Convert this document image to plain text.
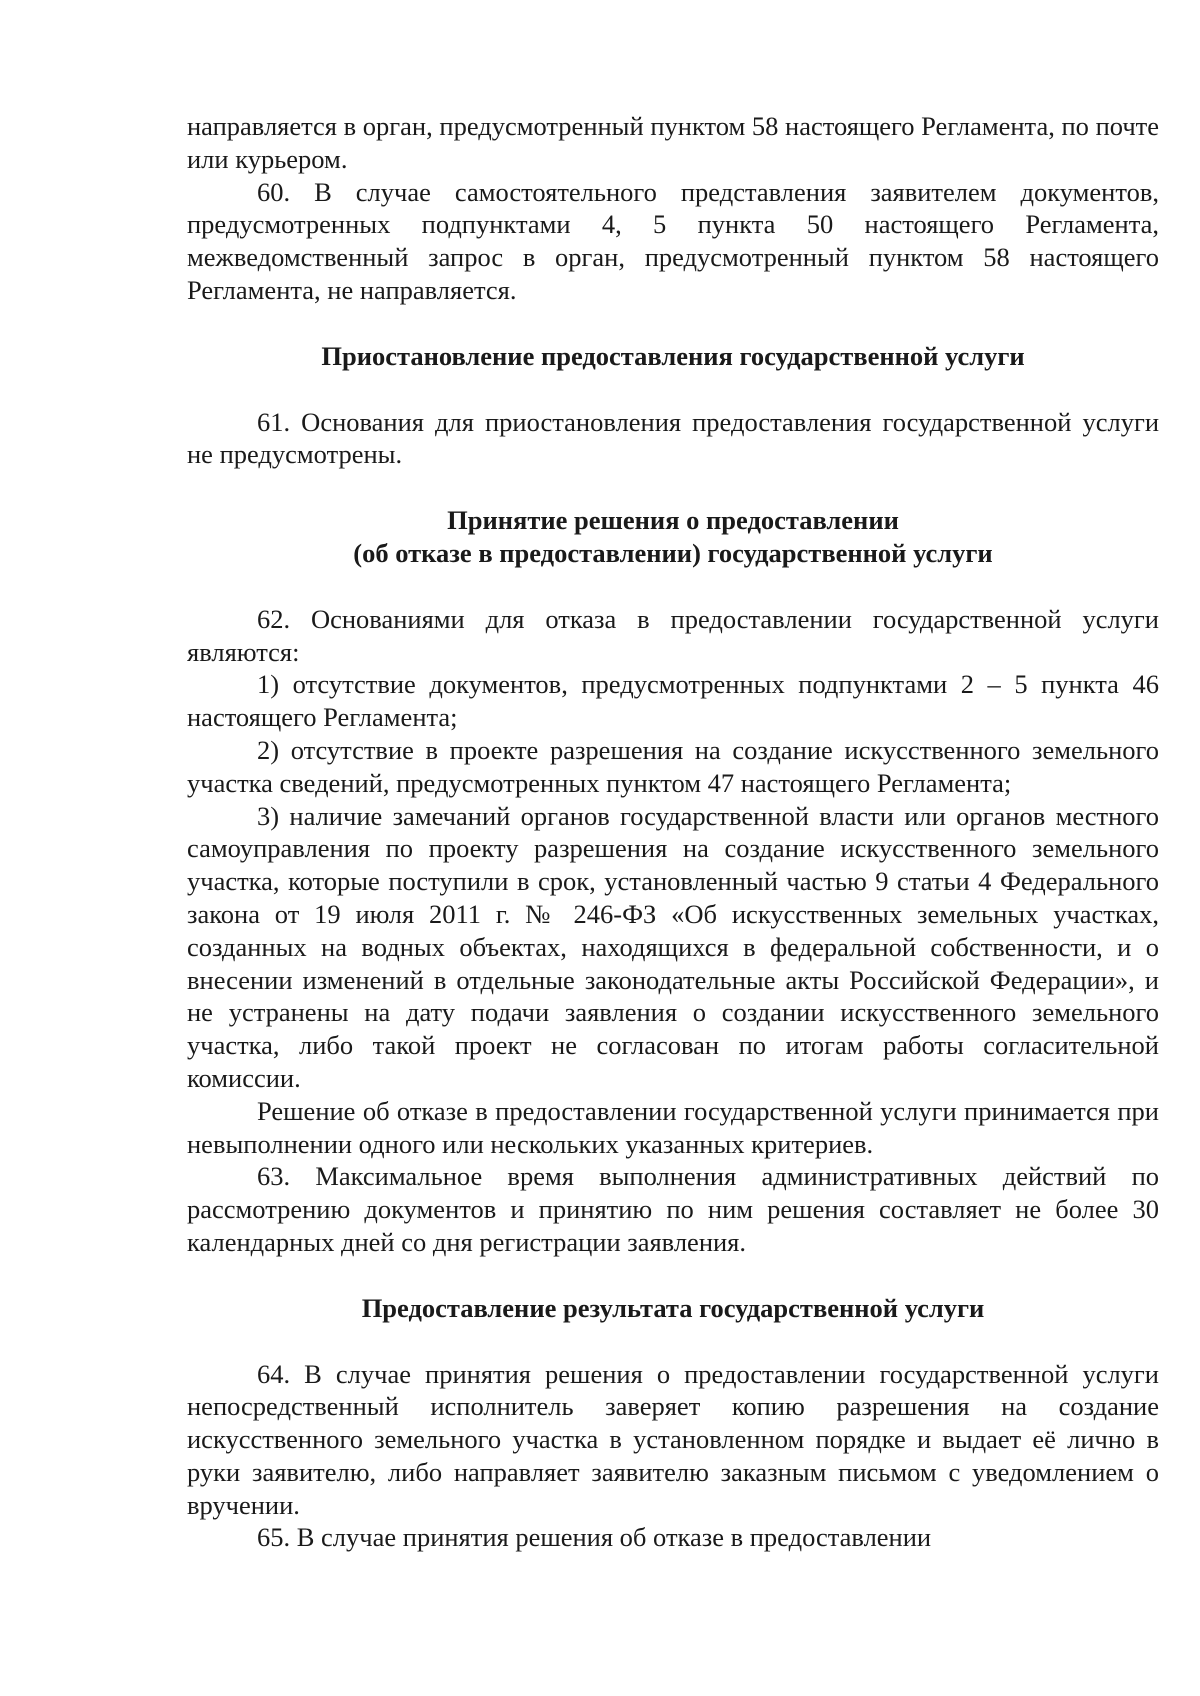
направляется в орган, предусмотренный пунктом 58 настоящего Регламента, по почте или курьером.

60. В случае самостоятельного представления заявителем документов, предусмотренных подпунктами 4, 5 пункта 50 настоящего Регламента, межведомственный запрос в орган, предусмотренный пунктом 58 настоящего Регламента, не направляется.

Приостановление предоставления государственной услуги

61. Основания для приостановления предоставления государственной услуги не предусмотрены.

Принятие решения о предоставлении

(об отказе в предоставлении) государственной услуги

62. Основаниями для отказа в предоставлении государственной услуги являются:

1) отсутствие документов, предусмотренных подпунктами 2 – 5 пункта 46 настоящего Регламента;

2) отсутствие в проекте разрешения на создание искусственного земельного участка сведений, предусмотренных пунктом 47 настоящего Регламента;

3) наличие замечаний органов государственной власти или органов местного самоуправления по проекту разрешения на создание искусственного земельного участка, которые поступили в срок, установленный частью 9 статьи 4 Федерального закона от 19 июля 2011 г. № 246-ФЗ «Об искусственных земельных участках, созданных на водных объектах, находящихся в федеральной собственности, и о внесении изменений в отдельные законодательные акты Российской Федерации», и не устранены на дату подачи заявления о создании искусственного земельного участка, либо такой проект не согласован по итогам работы согласительной комиссии.

Решение об отказе в предоставлении государственной услуги принимается при невыполнении одного или нескольких указанных критериев.

63. Максимальное время выполнения административных действий по рассмотрению документов и принятию по ним решения составляет не более 30 календарных дней со дня регистрации заявления.

Предоставление результата государственной услуги

64. В случае принятия решения о предоставлении государственной услуги непосредственный исполнитель заверяет копию разрешения на создание искусственного земельного участка в установленном порядке и выдает её лично в руки заявителю, либо направляет заявителю заказным письмом с уведомлением о вручении.

65. В случае принятия решения об отказе в предоставлении
